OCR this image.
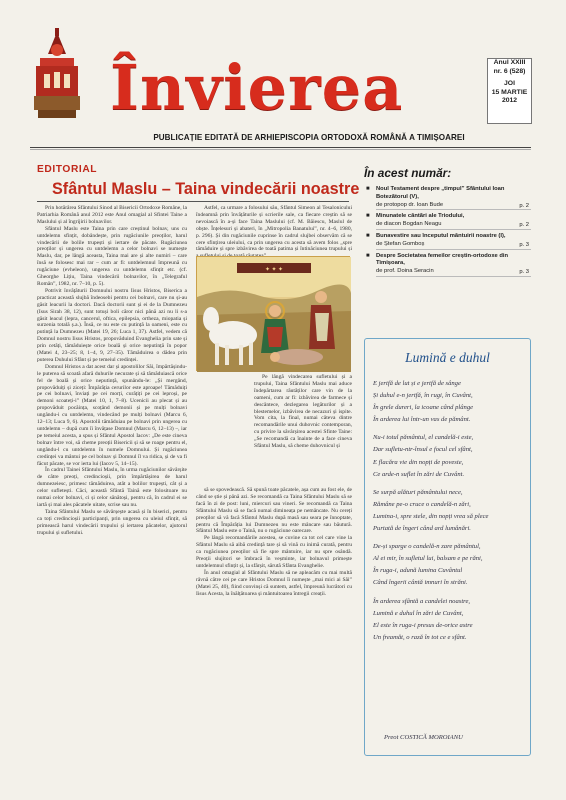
Învierea	Anul XXIII
nr. 6 (528)
JOI
15 MARTIE
2012
PUBLICAȚIE EDITATĂ DE ARHIEPISCOPIA ORTODOXĂ ROMÂNĂ A TIMIȘOAREI
EDITORIAL
Sfântul Maslu – Taina vindecării noastre

Prin hotărârea Sfântului Sinod al Bisericii Ortodoxe Române, la Patriarhia Română anul 2012 este Anul omagial al Sfintei Taine a Maslului și al îngrijirii bolnavilor.

Sfântul Maslu este Taina prin care creștinul bolnav, uns cu untdelemn sfințit, dobândește, prin rugăciunile preoților, harul vindecării de bolile trupești și iertare de păcate. Rugăciunea preoților și ungerea cu untdelemn a celor bolnavi se numește Maslu, dar, pe lângă aceasta, Taina mai are și alte numiri – care însă se folosesc mai rar – cum ar fi: untdelemnul împreună cu rugăciune (evheleon), ungerea cu untdelemn sfințit etc. (cf. Gheorghe Lițiu, Taina vindecării bolnavilor, în „Telegraful Român”, 1982, nr. 7–10, p. 5).

Potrivit învățăturii Domnului nostru Iisus Hristos, Biserica a practicat această slujbă îndeosebi pentru cei bolnavi, care nu și-au găsit leacurii la doctori. Dacă doctorii sunt și ei de la Dumnezeu (Isus Sirah 38, 12), sunt totuși boli căror nici până azi nu li s-a găsit leacul (lepra, cancerul, oftica, epilepsia, ortheza, miopatia și surzenia totală ș.a.). Însă, ce nu este cu putință la oameni, este cu putință la Dumnezeu (Matei 19, 26; Luca 1, 37). Astfel, vedem că Domnul nostru Iisus Hristos, propovăduind Evanghelia prin sate și prin cetăți, tămăduiește orice boală și orice neputință în popor (Matei 4, 23–25; 8, 1–4, 9, 27–35). Tămăduirea o dădea prin puterea Duhului Sfânt și pe temeiul credinței.

Domnul Hristos a dat acest dar și apostolilor Săi, împărtășindu-le puterea să scoată afară duhurile necurate și să tămăduiască orice fel de boală și orice neputință, spunându-le: „Și mergând, propovăduiți și ziceți: Împărăția cerurilor este aproape! Tămăduiți pe cei bolnavi, înviați pe cei morți, curățiți pe cei leproși, pe demoni scoateți-i” (Matei 10, 1, 7–8). Ucenicii au plecat și au propovăduit pocăința, scoțând demonii și pe mulți bolnavi ungându-i cu untdelemn, vindecând pe mulți bolnavi (Marcu 6, 12–13; Luca 9, 6). Apostolii tămăduiau pe bolnavi prin ungerea cu untdelemn – după cum îi învățase Domnul (Marcu 6, 12–13) –, iar pe temeiul acesta, a spus și Sfântul Apostol Iacov: „De este cineva bolnav între voi, să cheme preoții Bisericii și să se roage pentru el, ungându-l cu untdelemn în numele Domnului. Și rugăciunea credinței va mântui pe cel bolnav și Domnul îl va ridica, și de va fi făcut păcate, se vor ierta lui (Iacov 5, 14–15).

În cadrul Tainei Sfântului Maslu, în urma rugăciunilor săvârșite de către preoți, credincioșii, prin împărtășirea de harul dumnezeiesc, primesc tămăduirea, atât a bolilor trupești, cât și a celor sufletești. Căci, această Sfântă Taină este folositoare nu numai celor bolnavi, ci și celor sănătoși, pentru că, în cadrul ei se iartă și mai ales păcatele uitate, scrise sau nu.

Taina Sfântului Maslu se săvârșește acasă și în biserici, pentru ca toți credincioșii participanți, prin ungerea cu uleiul sfințit, să primească harul vindecării trupului și iertarea păcatelor, ajutorul trupului și sufletului.

Astfel, ca urmare a folosului său, Sfântul Simeon al Tesalonicului îndeamnă prin învățăturile și scrierile sale, ca fiecare creștin să se nevoiască în a-și face Taina Maslului (cf. M. Băiescu, Maslul de obște. Înțelesuri și abateri, în „Mitropolia Banatului”, nr. 4–6, 1980, p. 296). Și din rugăciunile cuprinse în cadrul slujbei observăm că se cere sfințirea uleiului, ca prin ungerea cu acesta să avem folos „spre tămăduire și spre izbăvirea de toată patima și întinăciunea trupului și

✦ ✦ ✦

Pe lângă vindecarea sufletului și a trupului, Taina Sfântului Maslu mai aduce îndepărtarea răutăților care vin de la oameni, cum ar fi: izbăvirea de farmece și descântece, dezlegarea legăturilor și a blestemelor, izbăvirea de necazuri și ispite. Vom cita, la final, numai câteva dintre recomandările unui duhovnic contemporan, cu privire la săvârșirea acestei Sfinte Taine: „Se recomandă ca înainte de a face cineva Sfântul Maslu, să cheme duhovnicul și

să se spovedească. Să spună toate păcatele, așa cum au fost ele, de când se știe și până azi. Se recomandă ca Taina Sfântului Maslu să se facă în zi de post: luni, miercuri sau vineri. Se recomandă ca Taina Sfântului Maslu să se facă numai dimineața pe nemâncate. Nu cereți preoților să vă facă Sfântul Maslu după masă sau seara pe înnoptate, pentru că Împărăția lui Dumnezeu nu este mâncare sau băutură. Sfântul Maslu este o Taină, nu o rugăciune oarecare.

Pe lângă recomandările acestea, se cuvine ca tot cel care vine la Sfântul Maslu să aibă credință tare și să vină cu inimă curată, pentru ca rugăciunea preoților să fie spre mântuire, iar nu spre osândă. Preoții slujitori se îmbracă în veșminte, iar bolnavul primește untdelemnul sfințit și, la sfârșit, sărută Sfânta Evanghelie.

În anul omagial al Sfântului Maslu să ne apleacăm cu mai multă râvnă către cei pe care Hristos Domnul îi numește „mai mici ai Săi” (Matei 25, 40), fiind convinși că suntem, astfel, împreună lucrători cu Iisus Acesta, la înălțătoarea și mântuitoarea întregii creații.

În acest număr:
■ Noul Testament despre „timpul” Sfântului Ioan Botezătorul (V),
de protopop dr. Ioan Bude	p. 2
■ Minunatele cântări ale Triodului,
de diacon Bogdan Neagu	p. 2
■ Bunavestire sau începutul mântuirii noastre (I),
de Ștefan Gomboș	p. 3
■ Despre Societatea femeilor creștin-ortodoxe din Timișoara,
de prof. Doina Seracin	p. 3
Lumină e duhul
E jertfă de lut și e jertfă de sânge
Și duhul e-n jertfă, în rugi, în Cuvânt,
În grele dureri, la icoane când plânge
În arderea lui într-un vas de pământ.
Nu-i totul pământul, el candelă-i este,
Dar sufletu-ntr-însul e focul cel sfânt,
E flacăra vie din nopți de poveste,
Ce arde-n suflet în zări de Cuvânt.
Se surpă alături pământului nece,
Rămâne pe-o cruce o candelă-n zări,
Lumina-i, spre stele, din nopți vrea să plece
Purtată de îngeri când ard lumânări.
De-și sparge o candelă-n zare pământul,
Al ei mir, în sufletul lui, balsam e pe răni,
În ruga-i, adună lumina Cuvântul
Când îngerii cântă imnuri în străni.
În arderea sfântă a candelei noastre,
Lumină e duhul în zări de Cuvânt,
El este în ruga-i presus de-orice astre
Un freamăt, o rază în tot ce e sfânt.
Preot COSTICĂ MOROIANU
